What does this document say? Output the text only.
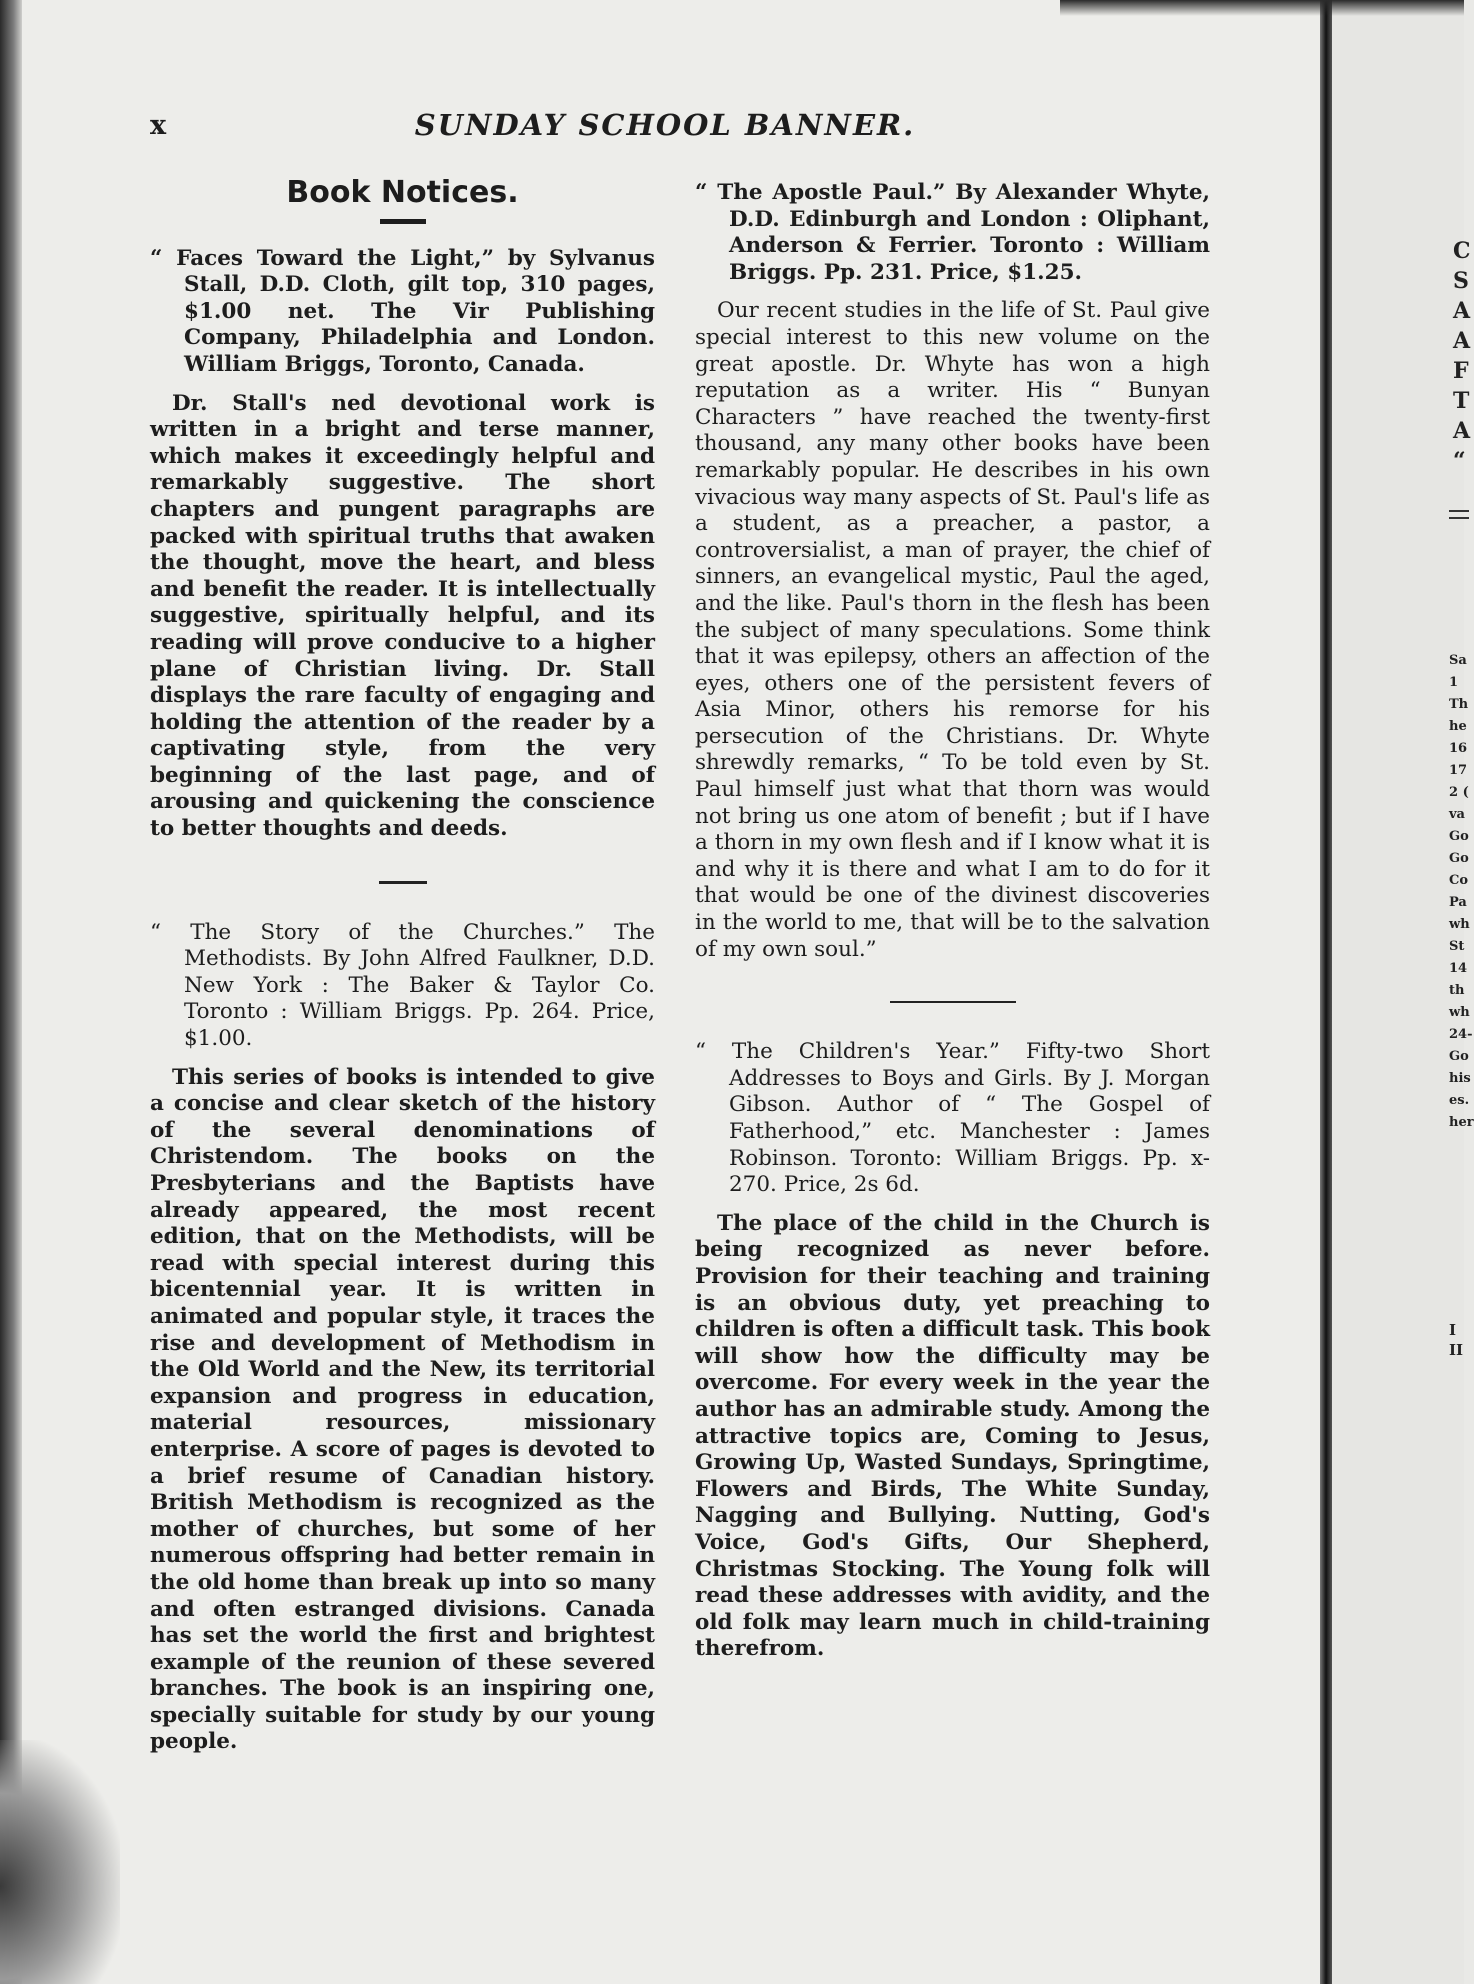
x	SUNDAY SCHOOL BANNER.
Book Notices.

“ Faces Toward the Light,” by Sylvanus Stall, D.D. Cloth, gilt top, 310 pages, $1.00 net. The Vir Publishing Company, Philadelphia and London. William Briggs, Toronto, Canada.

Dr. Stall's ned devotional work is written in a bright and terse manner, which makes it exceedingly helpful and remarkably suggestive. The short chapters and pungent paragraphs are packed with spiritual truths that awaken the thought, move the heart, and bless and benefit the reader. It is intellectually suggestive, spiritually helpful, and its reading will prove conducive to a higher plane of Christian living. Dr. Stall displays the rare faculty of engaging and holding the attention of the reader by a captivating style, from the very beginning of the last page, and of arousing and quickening the conscience to better thoughts and deeds.

“ The Story of the Churches.” The Methodists. By John Alfred Faulkner, D.D. New York : The Baker & Taylor Co. Toronto : William Briggs. Pp. 264. Price, $1.00.

This series of books is intended to give a concise and clear sketch of the history of the several denominations of Christendom. The books on the Presbyterians and the Baptists have already appeared, the most recent edition, that on the Methodists, will be read with special interest during this bicentennial year. It is written in animated and popular style, it traces the rise and development of Methodism in the Old World and the New, its territorial expansion and progress in education, material resources, missionary enterprise. A score of pages is devoted to a brief resume of Canadian history. British Methodism is recognized as the mother of churches, but some of her numerous offspring had better remain in the old home than break up into so many and often estranged divisions. Canada has set the world the first and brightest example of the reunion of these severed branches. The book is an inspiring one, specially suitable for study by our young people.

“ The Apostle Paul.” By Alexander Whyte, D.D. Edinburgh and London : Oliphant, Anderson & Ferrier. Toronto : William Briggs. Pp. 231. Price, $1.25.

Our recent studies in the life of St. Paul give special interest to this new volume on the great apostle. Dr. Whyte has won a high reputation as a writer. His “ Bunyan Characters ” have reached the twenty-first thousand, any many other books have been remarkably popular. He describes in his own vivacious way many aspects of St. Paul's life as a student, as a preacher, a pastor, a controversialist, a man of prayer, the chief of sinners, an evangelical mystic, Paul the aged, and the like. Paul's thorn in the flesh has been the subject of many speculations. Some think that it was epilepsy, others an affection of the eyes, others one of the persistent fevers of Asia Minor, others his remorse for his persecution of the Christians. Dr. Whyte shrewdly remarks, “ To be told even by St. Paul himself just what that thorn was would not bring us one atom of benefit ; but if I have a thorn in my own flesh and if I know what it is and why it is there and what I am to do for it that would be one of the divinest discoveries in the world to me, that will be to the salvation of my own soul.”

“ The Children's Year.” Fifty-two Short Addresses to Boys and Girls. By J. Morgan Gibson. Author of “ The Gospel of Fatherhood,” etc. Manchester : James Robinson. Toronto: William Briggs. Pp. x-270. Price, 2s 6d.

The place of the child in the Church is being recognized as never before. Provision for their teaching and training is an obvious duty, yet preaching to children is often a difficult task. This book will show how the difficulty may be overcome. For every week in the year the author has an admirable study. Among the attractive topics are, Coming to Jesus, Growing Up, Wasted Sundays, Springtime, Flowers and Birds, The White Sunday, Nagging and Bullying. Nutting, God's Voice, God's Gifts, Our Shepherd, Christmas Stocking. The Young folk will read these addresses with avidity, and the old folk may learn much in child-training therefrom.

C
S
A
A
F
T
A
“
Sa
1
Th
he
16
17
2 (
va
Go
Go
Co
Pa
wh
St
14
th
wh
24-
Go
his
es.
her
I
II
